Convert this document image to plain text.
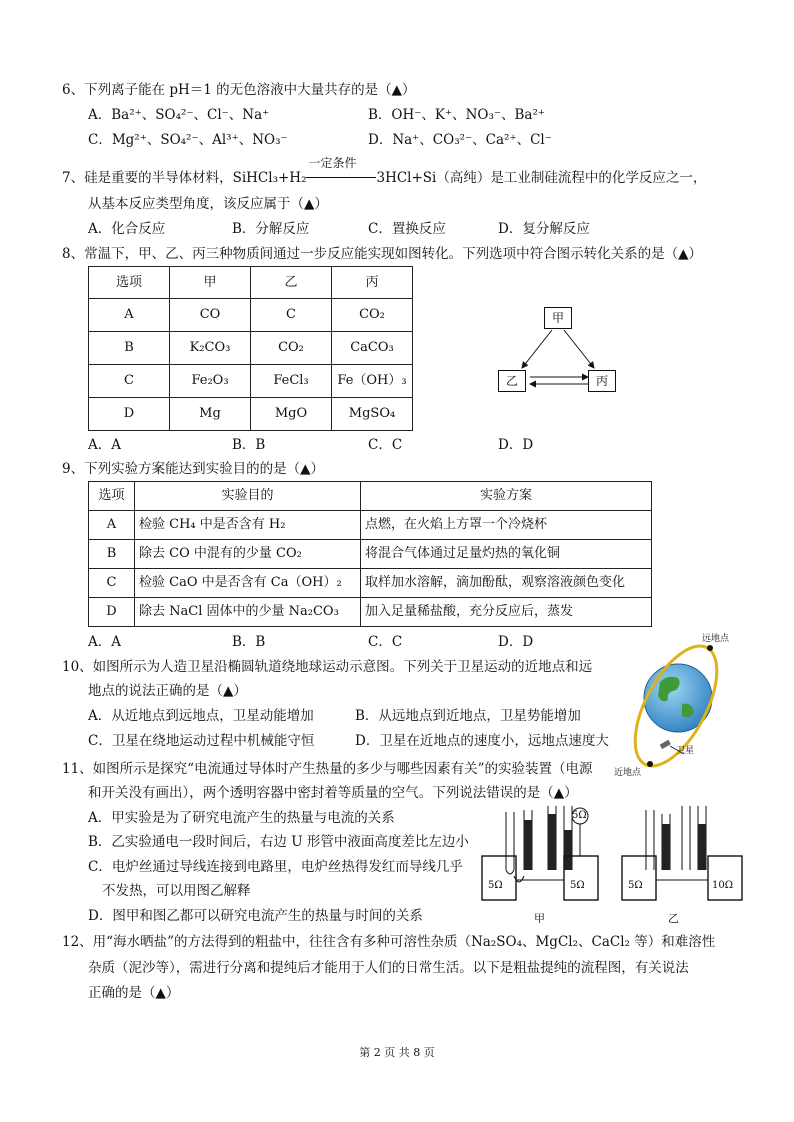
6、下列离子能在 pH＝1 的无色溶液中大量共存的是（▲）
A．Ba²⁺、SO₄²⁻、Cl⁻、Na⁺	B．OH⁻、K⁺、NO₃⁻、Ba²⁺
C．Mg²⁺、SO₄²⁻、Al³⁺、NO₃⁻	D．Na⁺、CO₃²⁻、Ca²⁺、Cl⁻
7、硅是重要的半导体材料，SiHCl₃+H₂
一定条件
3HCl+Si（高纯）是工业制硅流程中的化学反应之一，
从基本反应类型角度，该反应属于（▲）
A．化合反应	B．分解反应	C．置换反应	D．复分解反应
8、常温下，甲、乙、丙三种物质间通过一步反应能实现如图转化。下列选项中符合图示转化关系的是（▲）
选项	甲	乙	丙
A	CO	C	CO₂
B	K₂CO₃	CO₂	CaCO₃
C	Fe₂O₃	FeCl₃	Fe（OH）₃
D	Mg	MgO	MgSO₄
甲
乙	丙
A．A	B．B	C．C	D．D
9、下列实验方案能达到实验目的的是（▲）
选项	实验目的	实验方案
A	检验 CH₄ 中是否含有 H₂	点燃，在火焰上方罩一个冷烧杯
B	除去 CO 中混有的少量 CO₂	将混合气体通过足量灼热的氧化铜
C	检验 CaO 中是否含有 Ca（OH）₂	取样加水溶解，滴加酚酞，观察溶液颜色变化
D	除去 NaCl 固体中的少量 Na₂CO₃	加入足量稀盐酸，充分反应后，蒸发
A．A	B．B	C．C	D．D
10、如图所示为人造卫星沿椭圆轨道绕地球运动示意图。下列关于卫星运动的近地点和远
地点的说法正确的是（▲）
A．从近地点到远地点，卫星动能增加	B．从远地点到近地点，卫星势能增加
C．卫星在绕地运动过程中机械能守恒	D．卫星在近地点的速度小，远地点速度大
远地点
近地点
卫星
11、如图所示是探究“电流通过导体时产生热量的多少与哪些因素有关”的实验装置（电源
和开关没有画出），两个透明容器中密封着等质量的空气。下列说法错误的是（▲）
A．甲实验是为了研究电流产生的热量与电流的关系
B．乙实验通电一段时间后，右边 U 形管中液面高度差比左边小
C．电炉丝通过导线连接到电路里，电炉丝热得发红而导线几乎
不发热，可以用图乙解释
D．图甲和图乙都可以研究电流产生的热量与时间的关系
5Ω	5Ω
5Ω
5Ω	10Ω
甲	乙
12、用“海水晒盐”的方法得到的粗盐中，往往含有多种可溶性杂质（Na₂SO₄、MgCl₂、CaCl₂ 等）和难溶性
杂质（泥沙等），需进行分离和提纯后才能用于人们的日常生活。以下是粗盐提纯的流程图，有关说法
正确的是（▲）
第 2 页 共 8 页
